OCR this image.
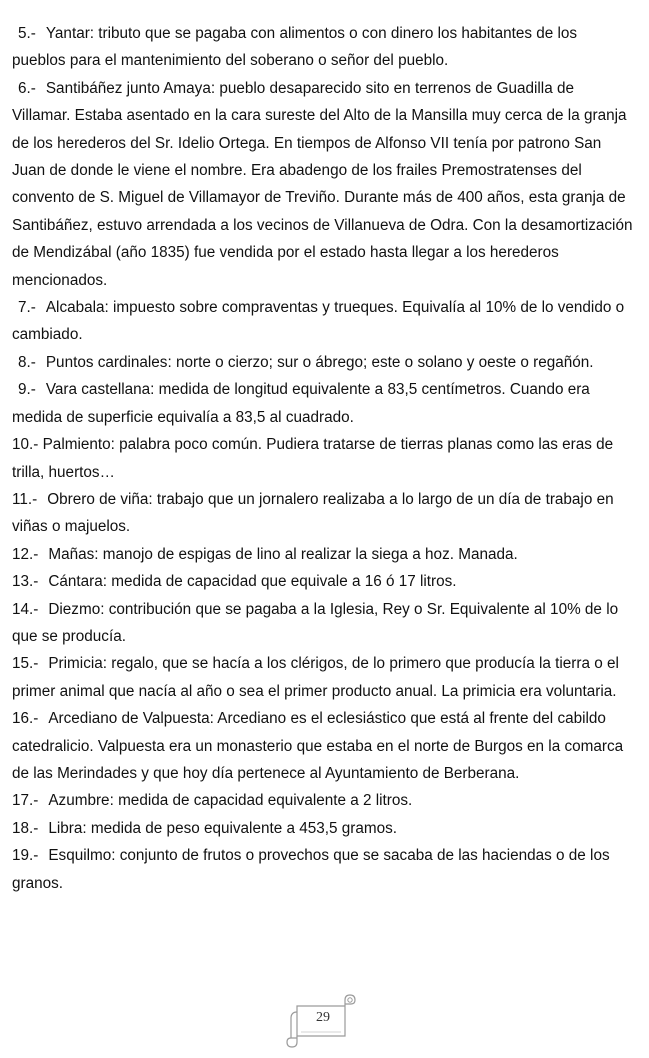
5.- Yantar: tributo que se pagaba con alimentos o con dinero los habitantes de los pueblos para el mantenimiento del soberano o señor del pueblo.
6.- Santibáñez junto Amaya: pueblo desaparecido sito en terrenos de Guadilla de Villamar. Estaba asentado en la cara sureste del Alto de la Mansilla muy cerca de la granja de los herederos del Sr. Idelio Ortega. En tiempos de Alfonso VII tenía por patrono San Juan de donde le viene el nombre. Era abadengo de los frailes Premostratenses del convento de S. Miguel de Villamayor de Treviño. Durante más de 400 años, esta granja de Santibáñez, estuvo arrendada a los vecinos de Villanueva de Odra. Con la desamortización de Mendizábal (año 1835) fue vendida por el estado hasta llegar a los herederos mencionados.
7.- Alcabala: impuesto sobre compraventas y trueques. Equivalía al 10% de lo vendido o cambiado.
8.- Puntos cardinales: norte o cierzo; sur o ábrego; este o solano y oeste o regañón.
9.- Vara castellana: medida de longitud equivalente a 83,5 centímetros. Cuando era medida de superficie equivalía a 83,5 al cuadrado.
10.- Palmiento: palabra poco común. Pudiera tratarse de tierras planas como las eras de trilla, huertos…
11.- Obrero de viña: trabajo que un jornalero realizaba a lo largo de un día de trabajo en viñas o majuelos.
12.- Mañas: manojo de espigas de lino al realizar la siega a hoz. Manada.
13.- Cántara: medida de capacidad que equivale a 16 ó 17 litros.
14.- Diezmo: contribución que se pagaba a la Iglesia, Rey o Sr. Equivalente al 10% de lo que se producía.
15.- Primicia: regalo, que se hacía a los clérigos, de lo primero que producía la tierra o el primer animal que nacía al año o sea el primer producto anual. La primicia era voluntaria.
16.- Arcediano de Valpuesta: Arcediano es el eclesiástico que está al frente del cabildo catedralicio. Valpuesta era un monasterio que estaba en el norte de Burgos en la comarca de las Merindades y que hoy día pertenece al Ayuntamiento de Berberana.
17.- Azumbre: medida de capacidad equivalente a 2 litros.
18.- Libra: medida de peso equivalente a 453,5 gramos.
19.- Esquilmo: conjunto de frutos o provechos que se sacaba de las haciendas o de los granos.
29
